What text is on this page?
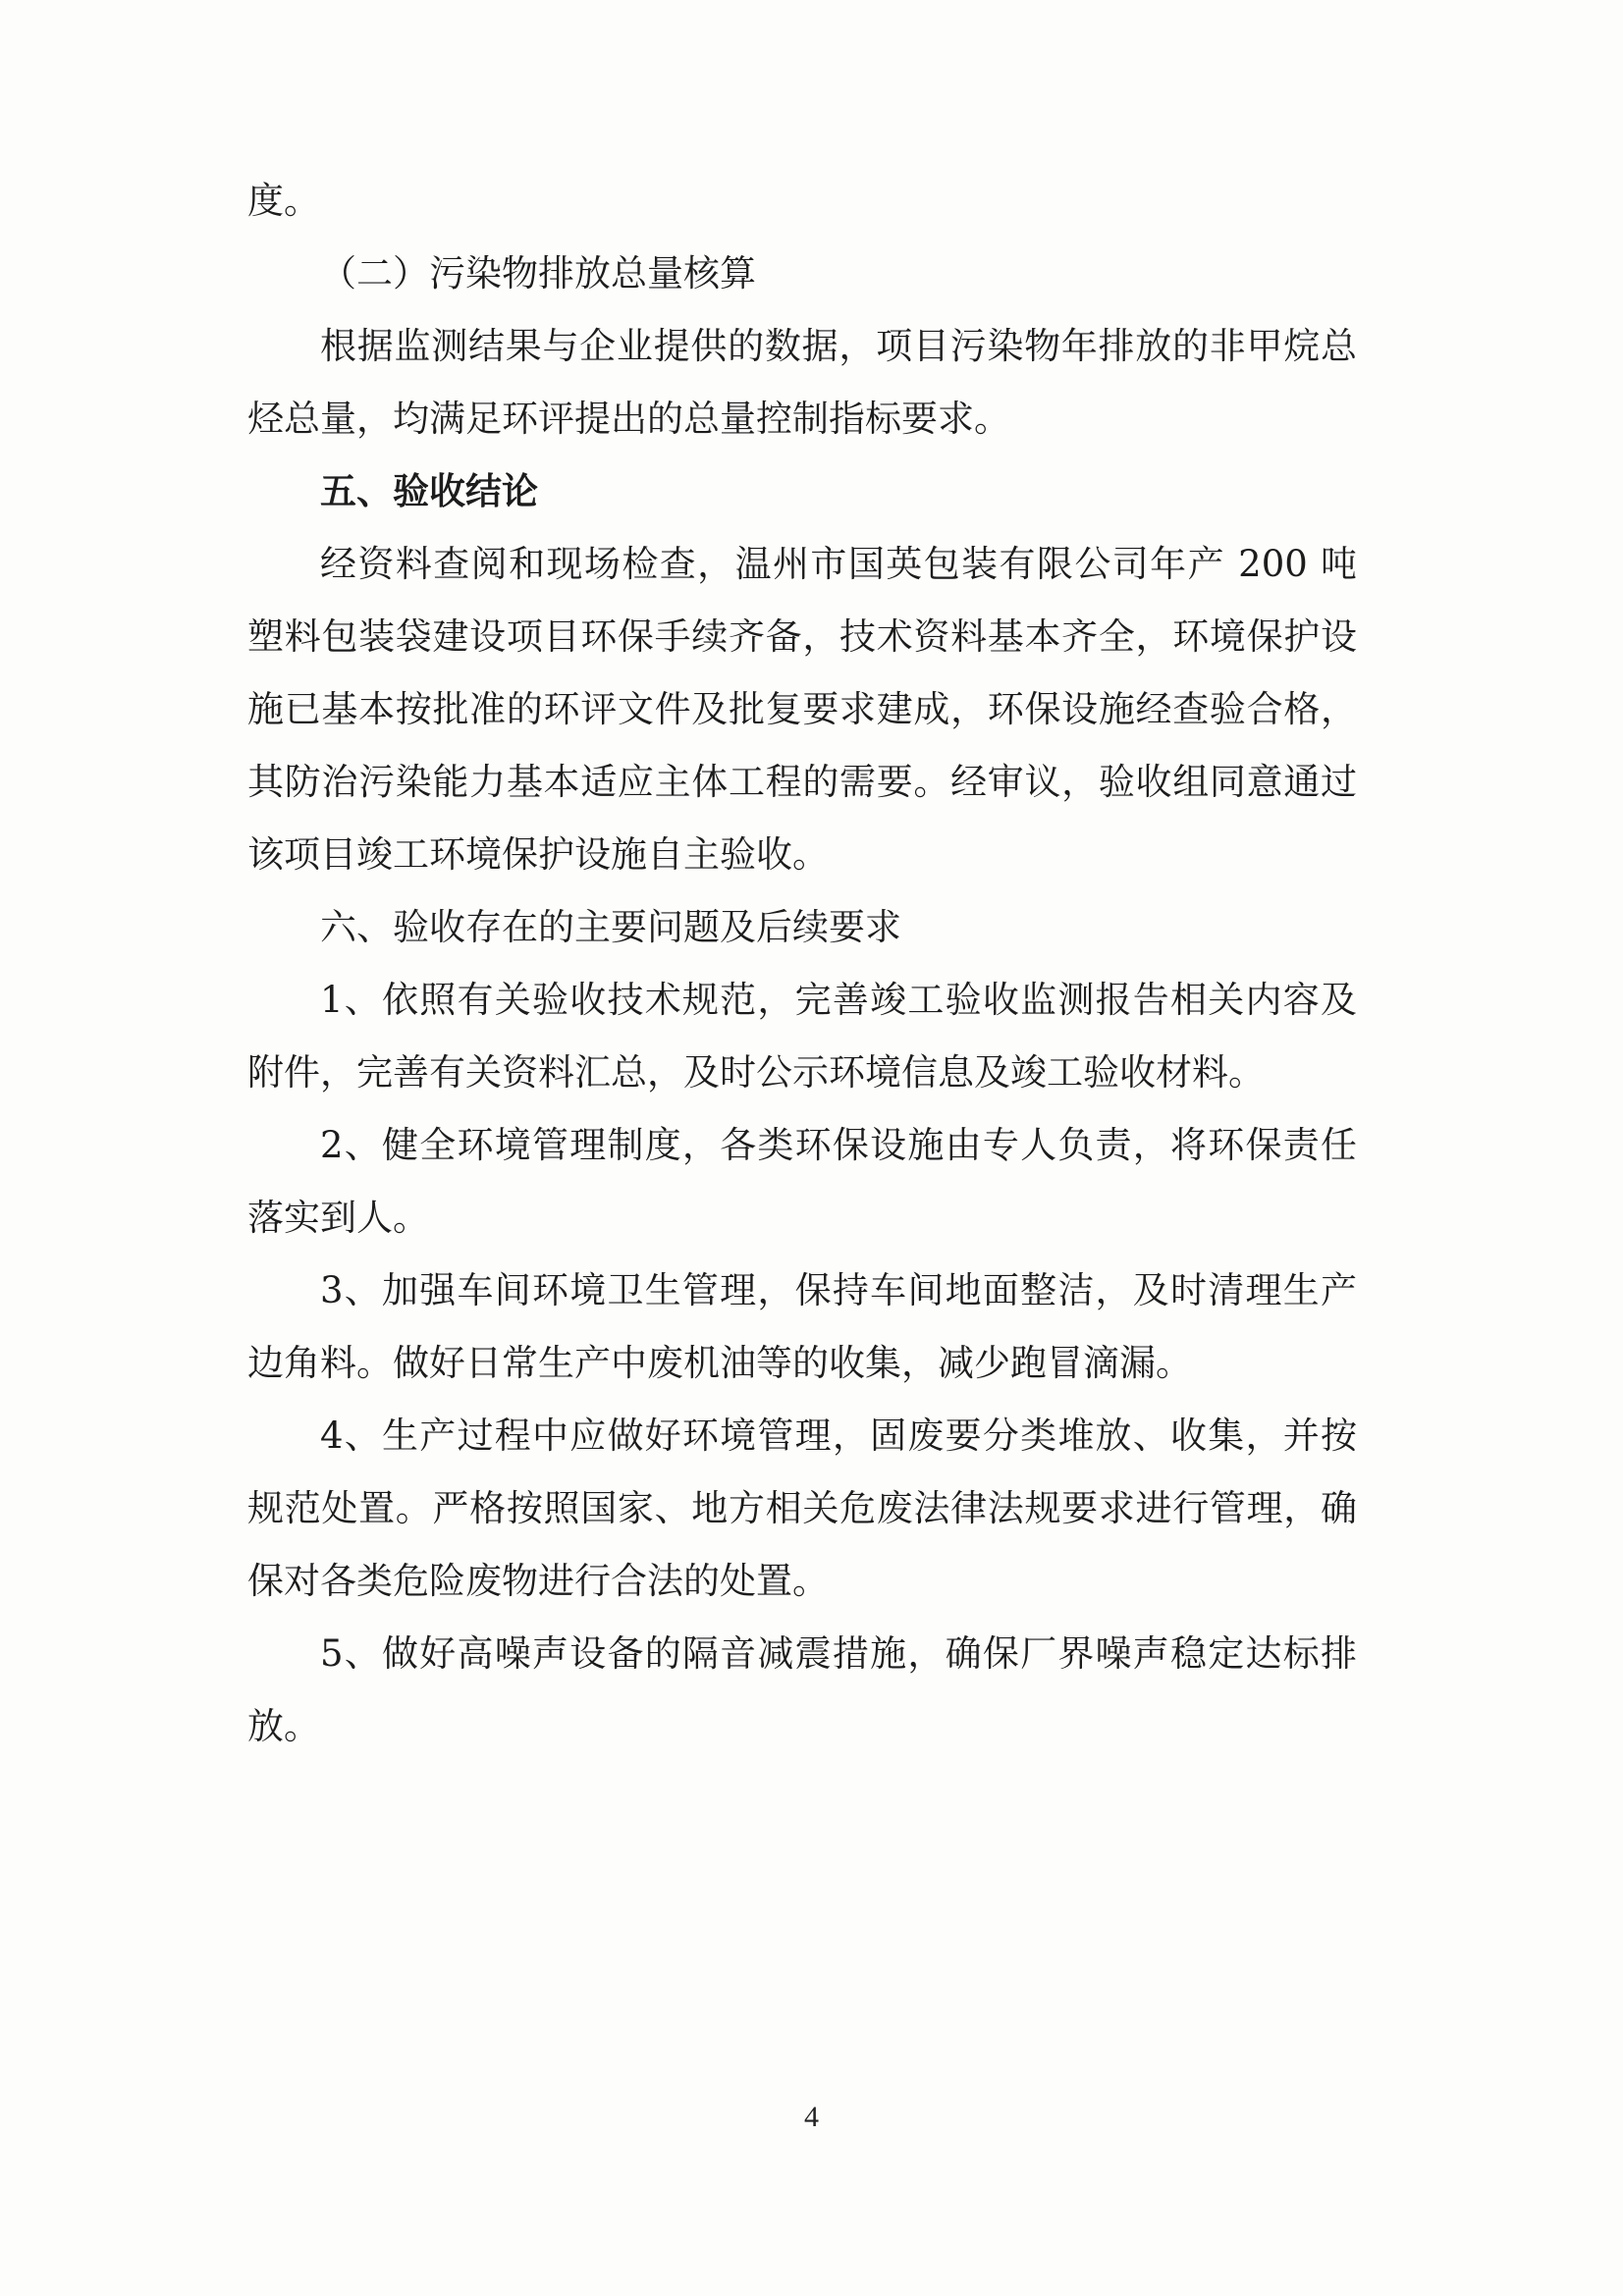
度。
（二）污染物排放总量核算
根据监测结果与企业提供的数据，项目污染物年排放的非甲烷总
烃总量，均满足环评提出的总量控制指标要求。
五、验收结论
经资料查阅和现场检查，温州市国英包装有限公司年产 200 吨
塑料包装袋建设项目环保手续齐备，技术资料基本齐全，环境保护设
施已基本按批准的环评文件及批复要求建成，环保设施经查验合格，
其防治污染能力基本适应主体工程的需要。经审议，验收组同意通过
该项目竣工环境保护设施自主验收。
六、验收存在的主要问题及后续要求
1、依照有关验收技术规范，完善竣工验收监测报告相关内容及
附件，完善有关资料汇总，及时公示环境信息及竣工验收材料。
2、健全环境管理制度，各类环保设施由专人负责，将环保责任
落实到人。
3、加强车间环境卫生管理，保持车间地面整洁，及时清理生产
边角料。做好日常生产中废机油等的收集，减少跑冒滴漏。
4、生产过程中应做好环境管理，固废要分类堆放、收集，并按
规范处置。严格按照国家、地方相关危废法律法规要求进行管理，确
保对各类危险废物进行合法的处置。
5、做好高噪声设备的隔音减震措施，确保厂界噪声稳定达标排
放。
4
